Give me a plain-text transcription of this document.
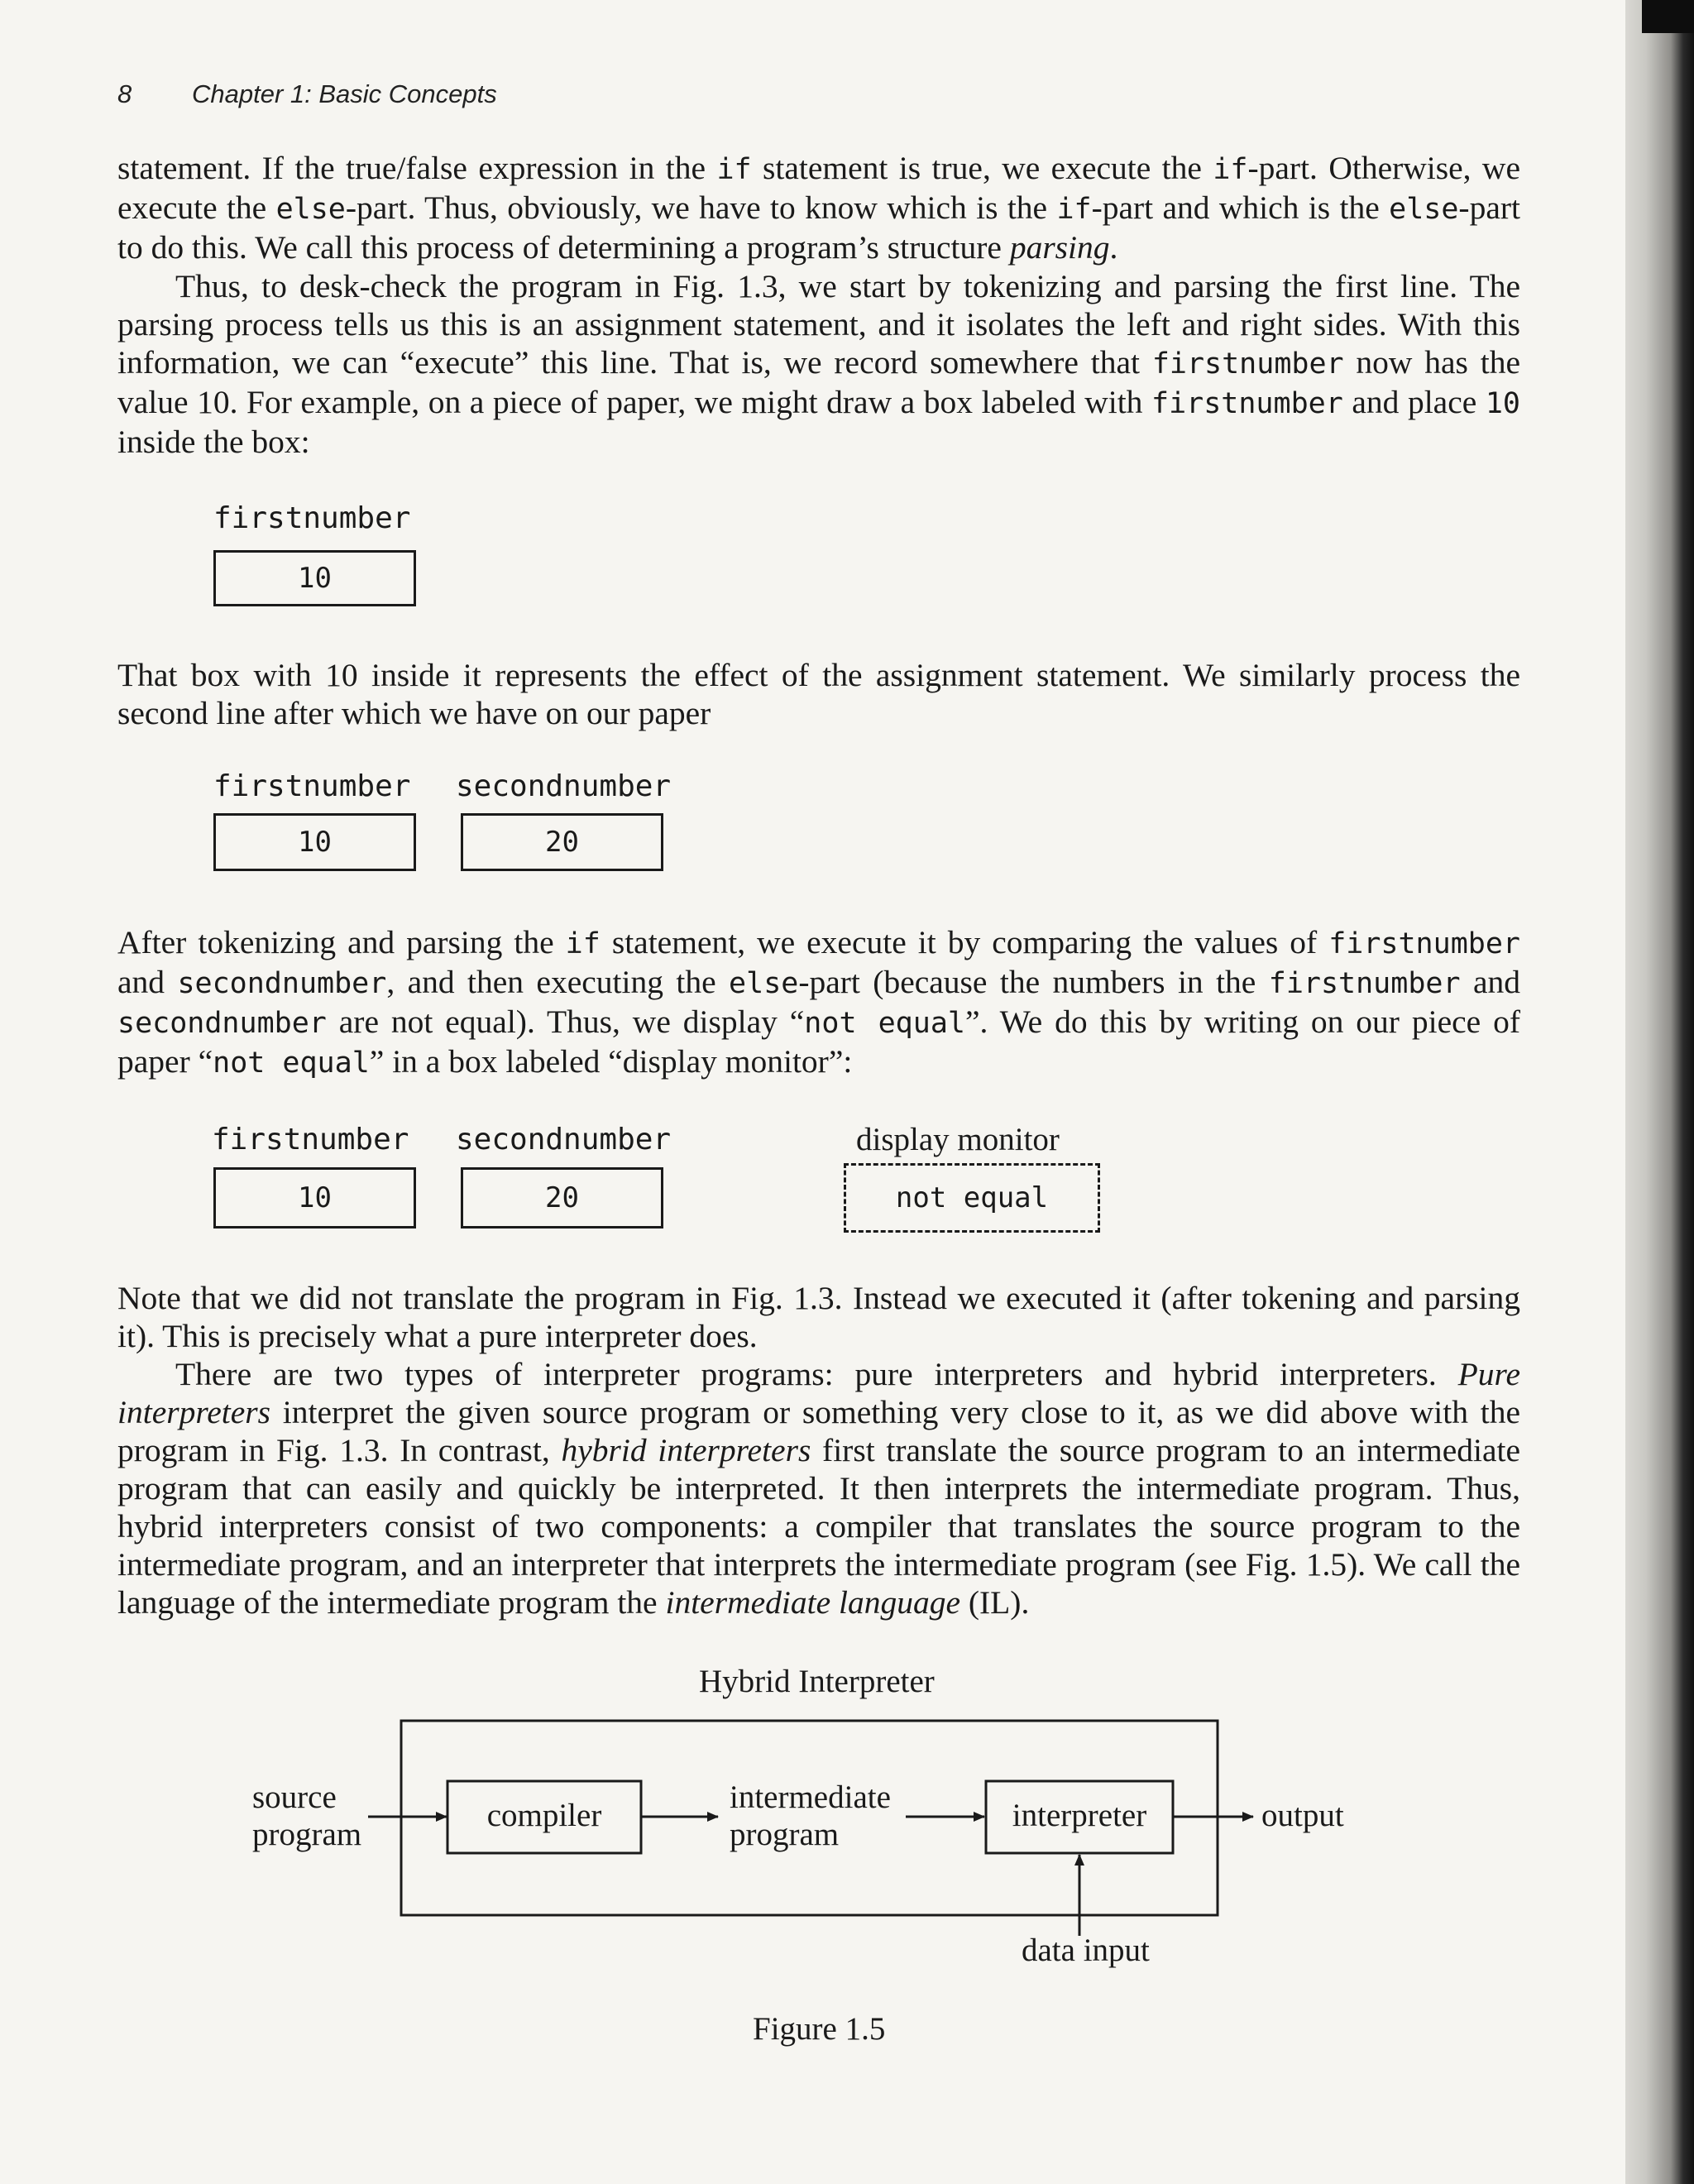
8 Chapter 1: Basic Concepts

statement. If the true/false expression in the if statement is true, we execute the if-part. Otherwise, we execute the else-part. Thus, obviously, we have to know which is the if-part and which is the else-part to do this. We call this process of determining a program’s structure parsing.

Thus, to desk-check the program in Fig. 1.3, we start by tokenizing and parsing the first line. The parsing process tells us this is an assignment statement, and it isolates the left and right sides. With this information, we can “execute” this line. That is, we record somewhere that firstnumber now has the value 10. For example, on a piece of paper, we might draw a box labeled with firstnumber and place 10 inside the box:

firstnumber
10

That box with 10 inside it represents the effect of the assignment statement. We similarly process the second line after which we have on our paper

firstnumber
10
secondnumber
20

After tokenizing and parsing the if statement, we execute it by comparing the values of firstnumber and secondnumber, and then executing the else-part (because the numbers in the firstnumber and secondnumber are not equal). Thus, we display “not equal”. We do this by writing on our piece of paper “not equal” in a box labeled “display monitor”:

firstnumber
10
secondnumber
20
display monitor
not equal

Note that we did not translate the program in Fig. 1.3. Instead we executed it (after tokening and parsing it). This is precisely what a pure interpreter does.

There are two types of interpreter programs: pure interpreters and hybrid interpreters. Pure interpreters interpret the given source program or something very close to it, as we did above with the program in Fig. 1.3. In contrast, hybrid interpreters first translate the source program to an intermediate program that can easily and quickly be interpreted. It then interprets the intermediate program. Thus, hybrid interpreters consist of two components: a compiler that translates the source program to the intermediate program, and an interpreter that interprets the intermediate program (see Fig. 1.5). We call the language of the intermediate program the intermediate language (IL).

Hybrid Interpreter
source
program
compiler
intermediate
program
interpreter	output
data input
Figure 1.5
